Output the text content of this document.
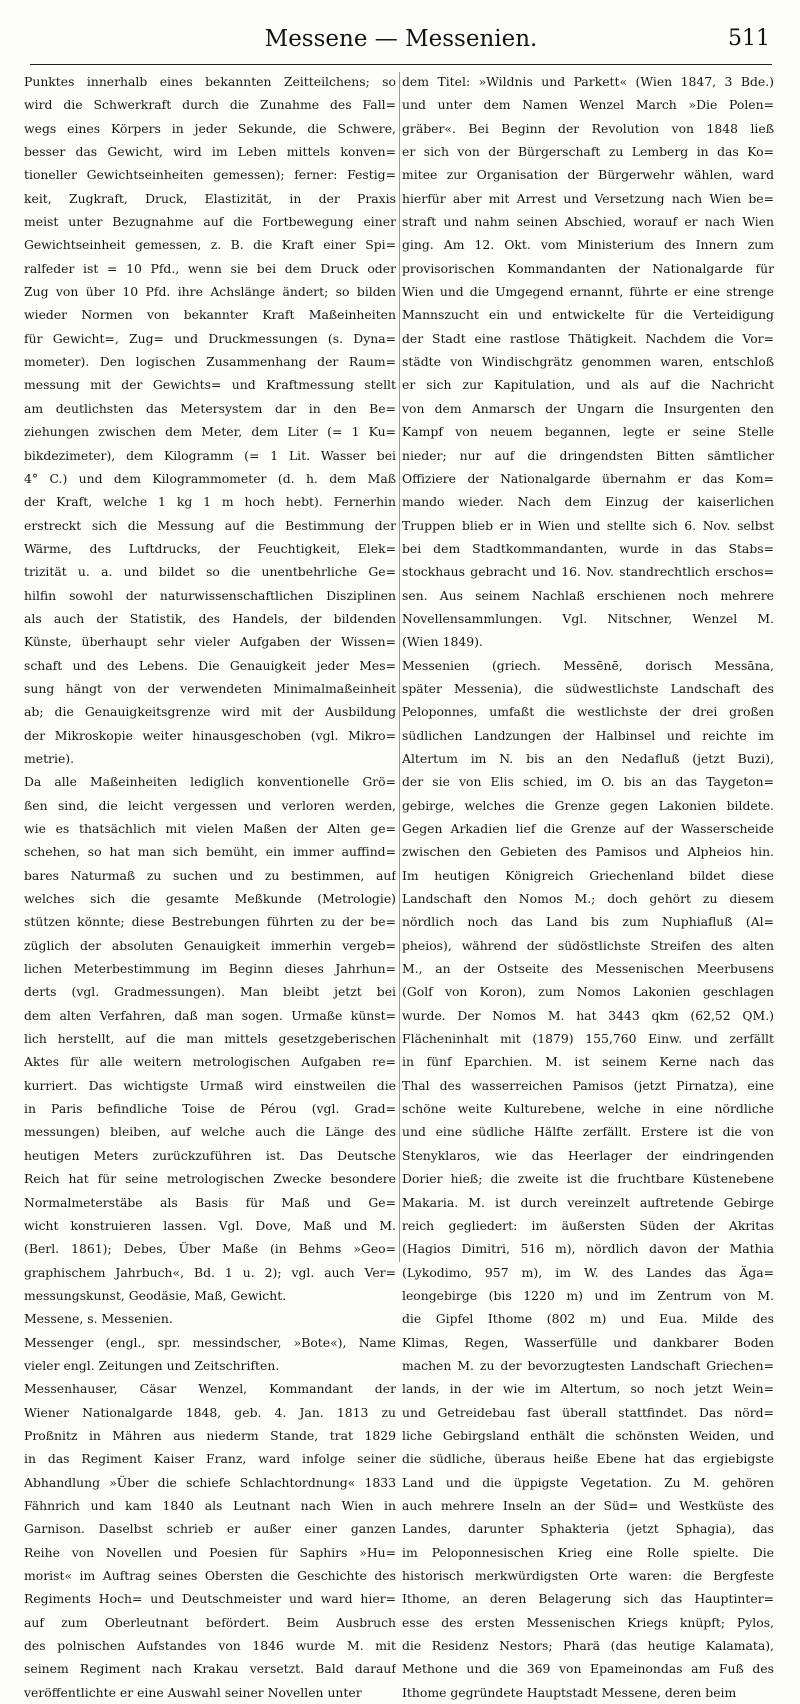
Messene — Messenien.	511
Punktes innerhalb eines bekannten Zeitteilchens; so
wird die Schwerkraft durch die Zunahme des Fall=
wegs eines Körpers in jeder Sekunde, die Schwere,
besser das Gewicht, wird im Leben mittels konven=
tioneller Gewichtseinheiten gemessen); ferner: Festig=
keit, Zugkraft, Druck, Elastizität, in der Praxis
meist unter Bezugnahme auf die Fortbewegung einer
Gewichtseinheit gemessen, z. B. die Kraft einer Spi=
ralfeder ist = 10 Pfd., wenn sie bei dem Druck oder
Zug von über 10 Pfd. ihre Achslänge ändert; so bilden
wieder Normen von bekannter Kraft Maßeinheiten
für Gewicht=, Zug= und Druckmessungen (s. Dyna=
mometer). Den logischen Zusammenhang der Raum=
messung mit der Gewichts= und Kraftmessung stellt
am deutlichsten das Metersystem dar in den Be=
ziehungen zwischen dem Meter, dem Liter (= 1 Ku=
bikdezimeter), dem Kilogramm (= 1 Lit. Wasser bei
4° C.) und dem Kilogrammometer (d. h. dem Maß
der Kraft, welche 1 kg 1 m hoch hebt). Fernerhin
erstreckt sich die Messung auf die Bestimmung der
Wärme, des Luftdrucks, der Feuchtigkeit, Elek=
trizität u. a. und bildet so die unentbehrliche Ge=
hilfin sowohl der naturwissenschaftlichen Disziplinen
als auch der Statistik, des Handels, der bildenden
Künste, überhaupt sehr vieler Aufgaben der Wissen=
schaft und des Lebens. Die Genauigkeit jeder Mes=
sung hängt von der verwendeten Minimalmaßeinheit
ab; die Genauigkeitsgrenze wird mit der Ausbildung
der Mikroskopie weiter hinausgeschoben (vgl. Mikro=
metrie).
Da alle Maßeinheiten lediglich konventionelle Grö=
ßen sind, die leicht vergessen und verloren werden,
wie es thatsächlich mit vielen Maßen der Alten ge=
schehen, so hat man sich bemüht, ein immer auffind=
bares Naturmaß zu suchen und zu bestimmen, auf
welches sich die gesamte Meßkunde (Metrologie)
stützen könnte; diese Bestrebungen führten zu der be=
züglich der absoluten Genauigkeit immerhin vergeb=
lichen Meterbestimmung im Beginn dieses Jahrhun=
derts (vgl. Gradmessungen). Man bleibt jetzt bei
dem alten Verfahren, daß man sogen. Urmaße künst=
lich herstellt, auf die man mittels gesetzgeberischen
Aktes für alle weitern metrologischen Aufgaben re=
kurriert. Das wichtigste Urmaß wird einstweilen die
in Paris befindliche Toise de Pérou (vgl. Grad=
messungen) bleiben, auf welche auch die Länge des
heutigen Meters zurückzuführen ist. Das Deutsche
Reich hat für seine metrologischen Zwecke besondere
Normalmeterstäbe als Basis für Maß und Ge=
wicht konstruieren lassen. Vgl. Dove, Maß und M.
(Berl. 1861); Debes, Über Maße (in Behms »Geo=
graphischem Jahrbuch«, Bd. 1 u. 2); vgl. auch Ver=
messungskunst, Geodäsie, Maß, Gewicht.
Messene, s. Messenien.
Messenger (engl., spr. messindscher, »Bote«), Name
vieler engl. Zeitungen und Zeitschriften.
Messenhauser, Cäsar Wenzel, Kommandant der
Wiener Nationalgarde 1848, geb. 4. Jan. 1813 zu
Proßnitz in Mähren aus niederm Stande, trat 1829
in das Regiment Kaiser Franz, ward infolge seiner
Abhandlung »Über die schiefe Schlachtordnung« 1833
Fähnrich und kam 1840 als Leutnant nach Wien in
Garnison. Daselbst schrieb er außer einer ganzen
Reihe von Novellen und Poesien für Saphirs »Hu=
morist« im Auftrag seines Obersten die Geschichte des
Regiments Hoch= und Deutschmeister und ward hier=
auf zum Oberleutnant befördert. Beim Ausbruch
des polnischen Aufstandes von 1846 wurde M. mit
seinem Regiment nach Krakau versetzt. Bald darauf
veröffentlichte er eine Auswahl seiner Novellen unter
dem Titel: »Wildnis und Parkett« (Wien 1847, 3 Bde.)
und unter dem Namen Wenzel March »Die Polen=
gräber«. Bei Beginn der Revolution von 1848 ließ
er sich von der Bürgerschaft zu Lemberg in das Ko=
mitee zur Organisation der Bürgerwehr wählen, ward
hierfür aber mit Arrest und Versetzung nach Wien be=
straft und nahm seinen Abschied, worauf er nach Wien
ging. Am 12. Okt. vom Ministerium des Innern zum
provisorischen Kommandanten der Nationalgarde für
Wien und die Umgegend ernannt, führte er eine strenge
Mannszucht ein und entwickelte für die Verteidigung
der Stadt eine rastlose Thätigkeit. Nachdem die Vor=
städte von Windischgrätz genommen waren, entschloß
er sich zur Kapitulation, und als auf die Nachricht
von dem Anmarsch der Ungarn die Insurgenten den
Kampf von neuem begannen, legte er seine Stelle
nieder; nur auf die dringendsten Bitten sämtlicher
Offiziere der Nationalgarde übernahm er das Kom=
mando wieder. Nach dem Einzug der kaiserlichen
Truppen blieb er in Wien und stellte sich 6. Nov. selbst
bei dem Stadtkommandanten, wurde in das Stabs=
stockhaus gebracht und 16. Nov. standrechtlich erschos=
sen. Aus seinem Nachlaß erschienen noch mehrere
Novellensammlungen. Vgl. Nitschner, Wenzel M.
(Wien 1849).
Messenien (griech. Messēnē, dorisch Messāna,
später Messenia), die südwestlichste Landschaft des
Peloponnes, umfaßt die westlichste der drei großen
südlichen Landzungen der Halbinsel und reichte im
Altertum im N. bis an den Nedafluß (jetzt Buzi),
der sie von Elis schied, im O. bis an das Taygeton=
gebirge, welches die Grenze gegen Lakonien bildete.
Gegen Arkadien lief die Grenze auf der Wasserscheide
zwischen den Gebieten des Pamisos und Alpheios hin.
Im heutigen Königreich Griechenland bildet diese
Landschaft den Nomos M.; doch gehört zu diesem
nördlich noch das Land bis zum Nuphiafluß (Al=
pheios), während der südöstlichste Streifen des alten
M., an der Ostseite des Messenischen Meerbusens
(Golf von Koron), zum Nomos Lakonien geschlagen
wurde. Der Nomos M. hat 3443 qkm (62,52 QM.)
Flächeninhalt mit (1879) 155,760 Einw. und zerfällt
in fünf Eparchien. M. ist seinem Kerne nach das
Thal des wasserreichen Pamisos (jetzt Pirnatza), eine
schöne weite Kulturebene, welche in eine nördliche
und eine südliche Hälfte zerfällt. Erstere ist die von
Stenyklaros, wie das Heerlager der eindringenden
Dorier hieß; die zweite ist die fruchtbare Küstenebene
Makaria. M. ist durch vereinzelt auftretende Gebirge
reich gegliedert: im äußersten Süden der Akritas
(Hagios Dimitri, 516 m), nördlich davon der Mathia
(Lykodimo, 957 m), im W. des Landes das Äga=
leongebirge (bis 1220 m) und im Zentrum von M.
die Gipfel Ithome (802 m) und Eua. Milde des
Klimas, Regen, Wasserfülle und dankbarer Boden
machen M. zu der bevorzugtesten Landschaft Griechen=
lands, in der wie im Altertum, so noch jetzt Wein=
und Getreidebau fast überall stattfindet. Das nörd=
liche Gebirgsland enthält die schönsten Weiden, und
die südliche, überaus heiße Ebene hat das ergiebigste
Land und die üppigste Vegetation. Zu M. gehören
auch mehrere Inseln an der Süd= und Westküste des
Landes, darunter Sphakteria (jetzt Sphagia), das
im Peloponnesischen Krieg eine Rolle spielte. Die
historisch merkwürdigsten Orte waren: die Bergfeste
Ithome, an deren Belagerung sich das Hauptinter=
esse des ersten Messenischen Kriegs knüpft; Pylos,
die Residenz Nestors; Pharä (das heutige Kalamata),
Methone und die 369 von Epameinondas am Fuß des
Ithome gegründete Hauptstadt Messene, deren beim
